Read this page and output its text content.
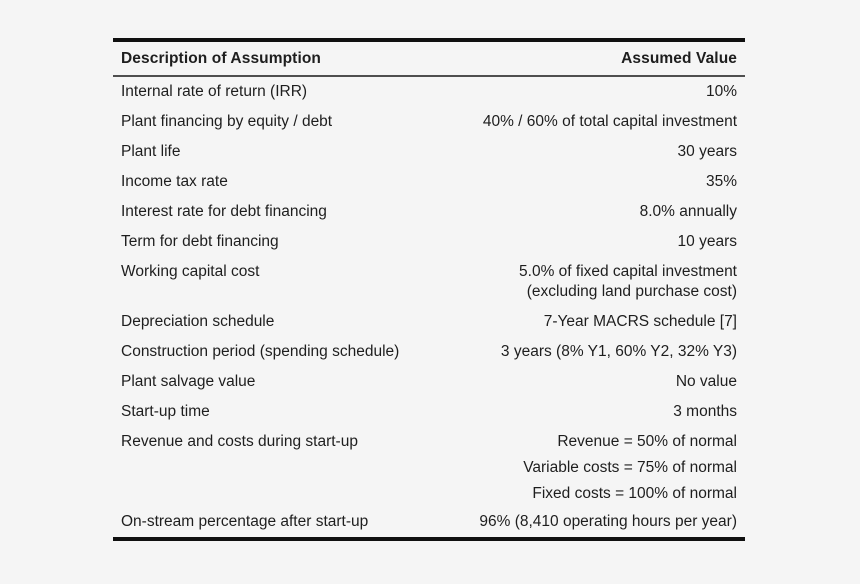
Description of Assumption	Assumed Value
Internal rate of return (IRR)	10%
Plant financing by equity / debt	40% / 60% of total capital investment
Plant life	30 years
Income tax rate	35%
Interest rate for debt financing	8.0% annually
Term for debt financing	10 years
Working capital cost	5.0% of fixed capital investment
(excluding land purchase cost)
Depreciation schedule	7-Year MACRS schedule [7]
Construction period (spending schedule)	3 years (8% Y1, 60% Y2, 32% Y3)
Plant salvage value	No value
Start-up time	3 months
Revenue and costs during start-up	Revenue = 50% of normal
Variable costs = 75% of normal
Fixed costs = 100% of normal
On-stream percentage after start-up	96% (8,410 operating hours per year)
